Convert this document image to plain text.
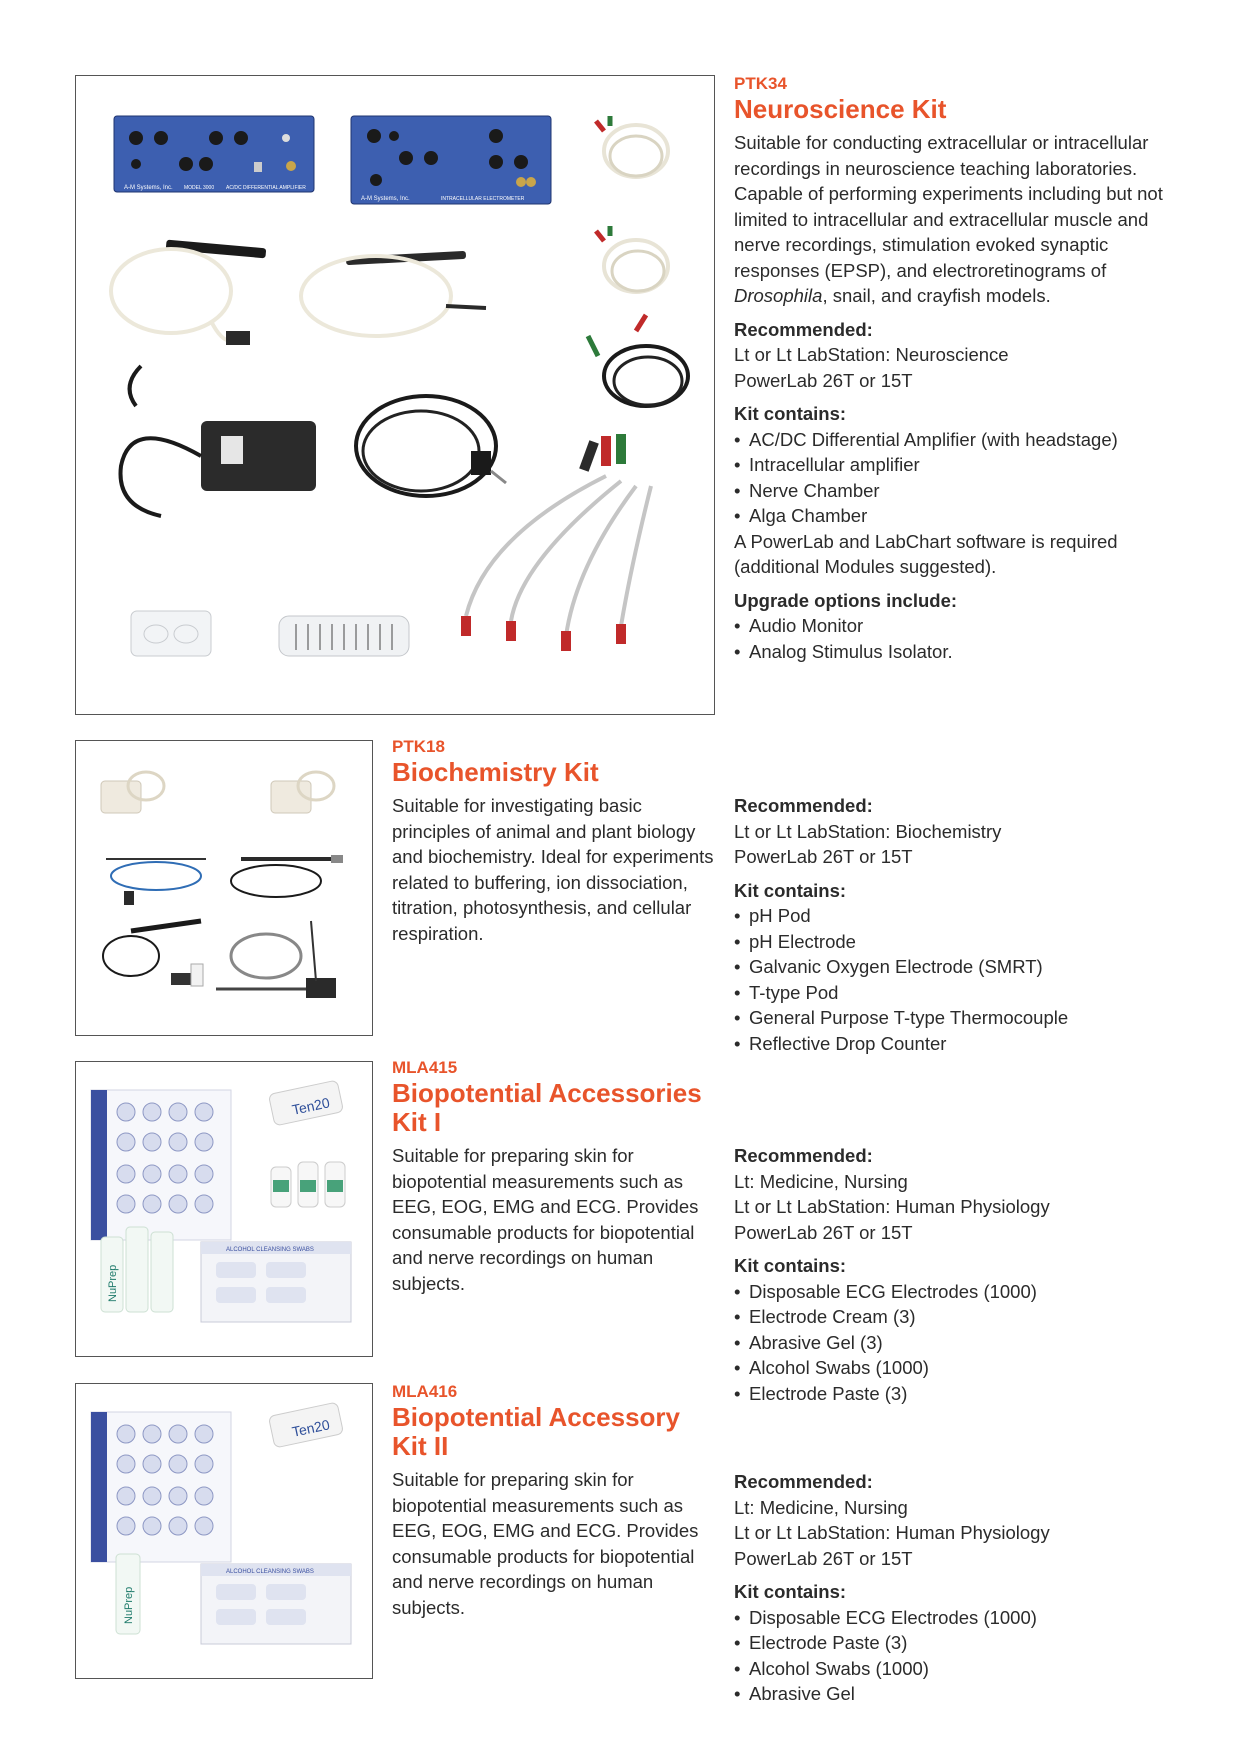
A-M Systems, Inc. MODEL 3000 AC/DC DIFFERENTIAL AMPLIFIER
A-M Systems, Inc.	INTRACELLULAR ELECTROMETER
PTK34
Neuroscience Kit
Suitable for conducting extracellular or intracellular recordings in neuroscience teaching laboratories. Capable of performing experiments including but not limited to intracellular and extracellular muscle and nerve recordings, stimulation evoked synaptic responses (EPSP), and electroretinograms of Drosophila, snail, and crayfish models.
Recommended:
Lt or Lt LabStation: Neuroscience
PowerLab 26T or 15T
Kit contains:
• AC/DC Differential Amplifier (with headstage)
• Intracellular amplifier
• Nerve Chamber
• Alga Chamber
A PowerLab and LabChart software is required (additional Modules suggested).
Upgrade options include:
• Audio Monitor
• Analog Stimulus Isolator.
PTK18
Biochemistry Kit
Suitable for investigating basic principles of animal and plant biology and biochemistry. Ideal for experiments related to buffering, ion dissociation, titration, photosynthesis, and cellular respiration.
Recommended:
Lt or Lt LabStation: Biochemistry
PowerLab 26T or 15T
Kit contains:
• pH Pod
• pH Electrode
• Galvanic Oxygen Electrode (SMRT)
• T-type Pod
• General Purpose T-type Thermocouple
• Reflective Drop Counter
Ten20
NuPrep
ALCOHOL CLEANSING SWABS
MLA415
Biopotential Accessories
Kit I
Suitable for preparing skin for biopotential measurements such as EEG, EOG, EMG and ECG. Provides consumable products for biopotential and nerve recordings on human subjects.
Recommended:
Lt: Medicine, Nursing
Lt or Lt LabStation: Human Physiology
PowerLab 26T or 15T
Kit contains:
• Disposable ECG Electrodes (1000)
• Electrode Cream (3)
• Abrasive Gel (3)
• Alcohol Swabs (1000)
• Electrode Paste (3)
Ten20
NuPrep
ALCOHOL CLEANSING SWABS
MLA416
Biopotential Accessory
Kit II
Suitable for preparing skin for biopotential measurements such as EEG, EOG, EMG and ECG. Provides consumable products for biopotential and nerve recordings on human subjects.
Recommended:
Lt: Medicine, Nursing
Lt or Lt LabStation: Human Physiology
PowerLab 26T or 15T
Kit contains:
• Disposable ECG Electrodes (1000)
• Electrode Paste (3)
• Alcohol Swabs (1000)
• Abrasive Gel
